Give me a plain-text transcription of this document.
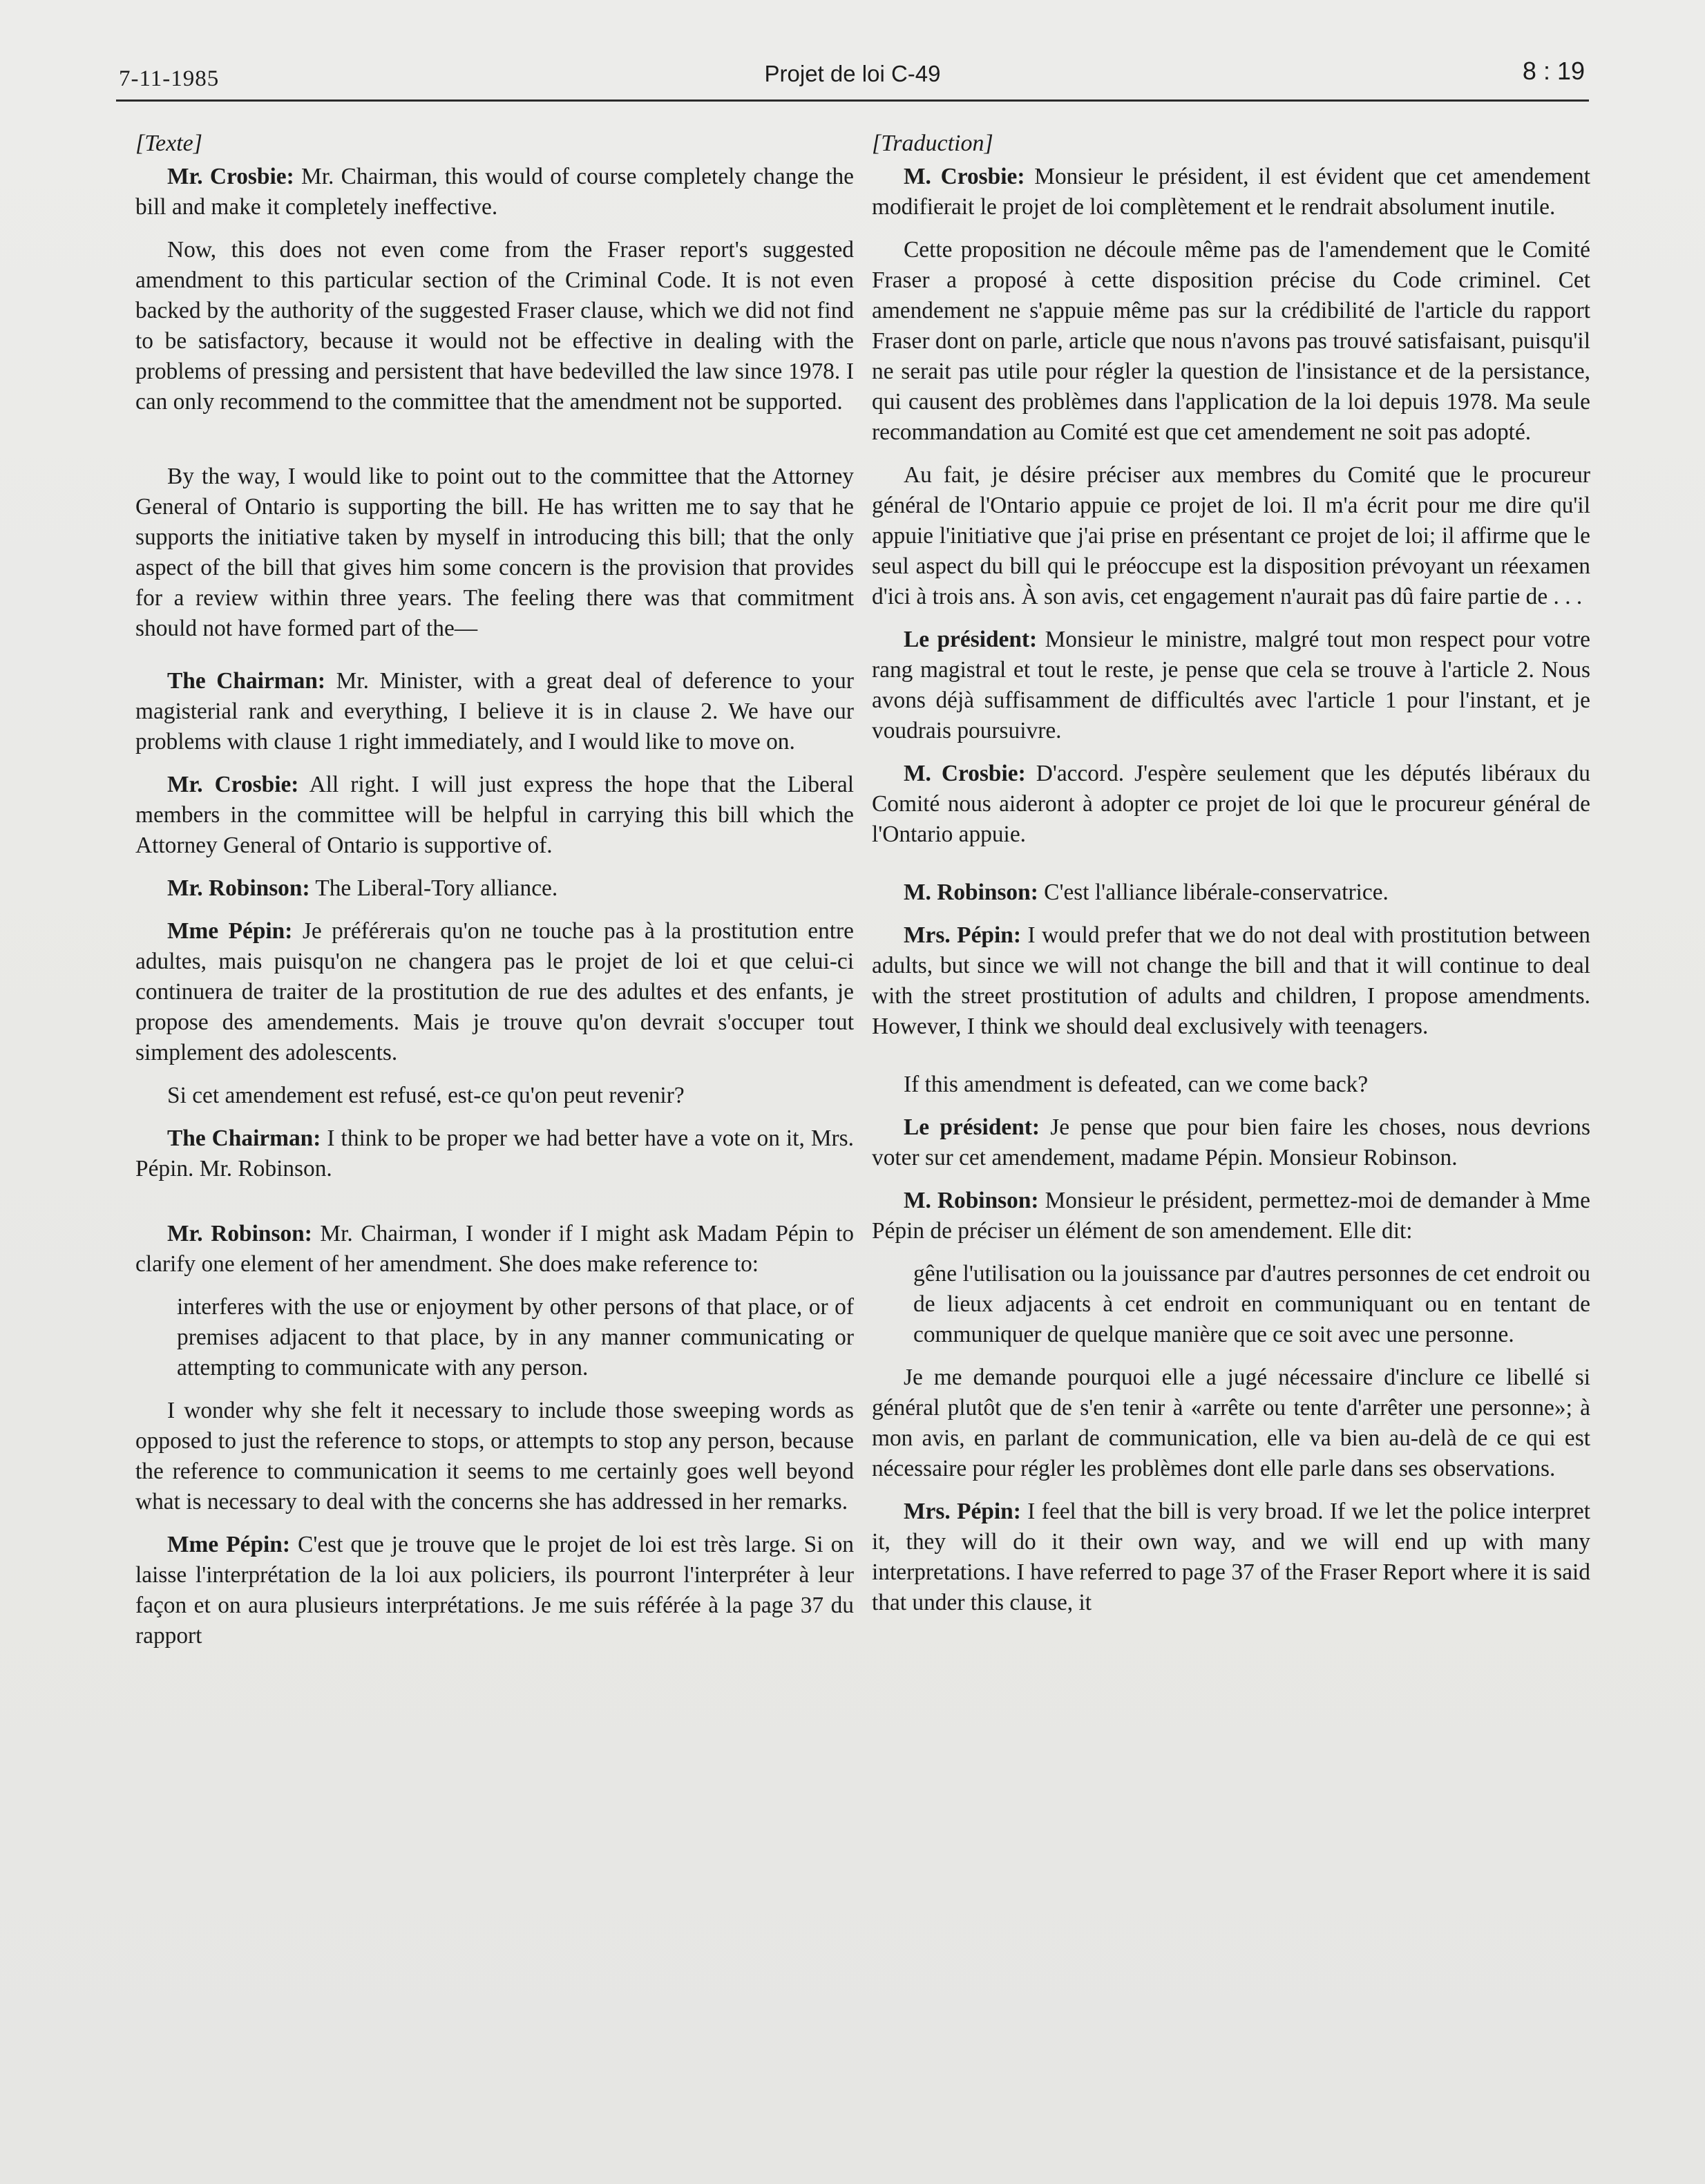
7-11-1985	Projet de loi C-49	8 : 19
[Texte]

Mr. Crosbie: Mr. Chairman, this would of course completely change the bill and make it completely ineffective.

Now, this does not even come from the Fraser report's suggested amendment to this particular section of the Criminal Code. It is not even backed by the authority of the suggested Fraser clause, which we did not find to be satisfactory, because it would not be effective in dealing with the problems of pressing and persistent that have bedevilled the law since 1978. I can only recommend to the committee that the amendment not be supported.

By the way, I would like to point out to the committee that the Attorney General of Ontario is supporting the bill. He has written me to say that he supports the initiative taken by myself in introducing this bill; that the only aspect of the bill that gives him some concern is the provision that provides for a review within three years. The feeling there was that commitment should not have formed part of the—

The Chairman: Mr. Minister, with a great deal of deference to your magisterial rank and everything, I believe it is in clause 2. We have our problems with clause 1 right immediately, and I would like to move on.

Mr. Crosbie: All right. I will just express the hope that the Liberal members in the committee will be helpful in carrying this bill which the Attorney General of Ontario is supportive of.

Mr. Robinson: The Liberal-Tory alliance.

Mme Pépin: Je préférerais qu'on ne touche pas à la prostitution entre adultes, mais puisqu'on ne changera pas le projet de loi et que celui-ci continuera de traiter de la prostitution de rue des adultes et des enfants, je propose des amendements. Mais je trouve qu'on devrait s'occuper tout simplement des adolescents.

Si cet amendement est refusé, est-ce qu'on peut revenir?

The Chairman: I think to be proper we had better have a vote on it, Mrs. Pépin. Mr. Robinson.

Mr. Robinson: Mr. Chairman, I wonder if I might ask Madam Pépin to clarify one element of her amendment. She does make reference to:

interferes with the use or enjoyment by other persons of that place, or of premises adjacent to that place, by in any manner communicating or attempting to communicate with any person.

I wonder why she felt it necessary to include those sweeping words as opposed to just the reference to stops, or attempts to stop any person, because the reference to communication it seems to me certainly goes well beyond what is necessary to deal with the concerns she has addressed in her remarks.

Mme Pépin: C'est que je trouve que le projet de loi est très large. Si on laisse l'interprétation de la loi aux policiers, ils pourront l'interpréter à leur façon et on aura plusieurs interprétations. Je me suis référée à la page 37 du rapport

[Traduction]

M. Crosbie: Monsieur le président, il est évident que cet amendement modifierait le projet de loi complètement et le rendrait absolument inutile.

Cette proposition ne découle même pas de l'amendement que le Comité Fraser a proposé à cette disposition précise du Code criminel. Cet amendement ne s'appuie même pas sur la crédibilité de l'article du rapport Fraser dont on parle, article que nous n'avons pas trouvé satisfaisant, puisqu'il ne serait pas utile pour régler la question de l'insistance et de la persistance, qui causent des problèmes dans l'application de la loi depuis 1978. Ma seule recommandation au Comité est que cet amendement ne soit pas adopté.

Au fait, je désire préciser aux membres du Comité que le procureur général de l'Ontario appuie ce projet de loi. Il m'a écrit pour me dire qu'il appuie l'initiative que j'ai prise en présentant ce projet de loi; il affirme que le seul aspect du bill qui le préoccupe est la disposition prévoyant un réexamen d'ici à trois ans. À son avis, cet engagement n'aurait pas dû faire partie de . . .

Le président: Monsieur le ministre, malgré tout mon respect pour votre rang magistral et tout le reste, je pense que cela se trouve à l'article 2. Nous avons déjà suffisamment de difficultés avec l'article 1 pour l'instant, et je voudrais poursuivre.

M. Crosbie: D'accord. J'espère seulement que les députés libéraux du Comité nous aideront à adopter ce projet de loi que le procureur général de l'Ontario appuie.

M. Robinson: C'est l'alliance libérale-conservatrice.

Mrs. Pépin: I would prefer that we do not deal with prostitution between adults, but since we will not change the bill and that it will continue to deal with the street prostitution of adults and children, I propose amendments. However, I think we should deal exclusively with teenagers.

If this amendment is defeated, can we come back?

Le président: Je pense que pour bien faire les choses, nous devrions voter sur cet amendement, madame Pépin. Monsieur Robinson.

M. Robinson: Monsieur le président, permettez-moi de demander à Mme Pépin de préciser un élément de son amendement. Elle dit:

gêne l'utilisation ou la jouissance par d'autres personnes de cet endroit ou de lieux adjacents à cet endroit en communiquant ou en tentant de communiquer de quelque manière que ce soit avec une personne.

Je me demande pourquoi elle a jugé nécessaire d'inclure ce libellé si général plutôt que de s'en tenir à «arrête ou tente d'arrêter une personne»; à mon avis, en parlant de communication, elle va bien au-delà de ce qui est nécessaire pour régler les problèmes dont elle parle dans ses observations.

Mrs. Pépin: I feel that the bill is very broad. If we let the police interpret it, they will do it their own way, and we will end up with many interpretations. I have referred to page 37 of the Fraser Report where it is said that under this clause, it
